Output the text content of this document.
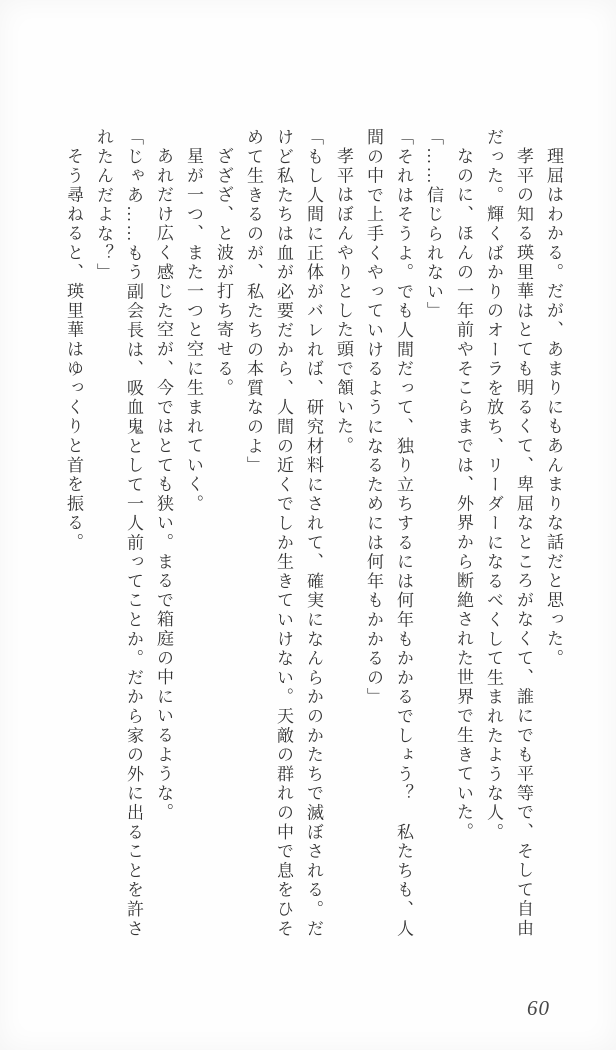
理屈はわかる。だが、あまりにもあんまりな話だと思った。

孝平の知る瑛里華はとても明るくて、卑屈なところがなくて、誰にでも平等で、そして自由だった。輝くばかりのオーラを放ち、リーダーになるべくして生まれたような人。

なのに、ほんの一年前やそこらまでは、外界から断絶された世界で生きていた。

「……信じられない」

「それはそうよ。でも人間だって、独り立ちするには何年もかかるでしょう？　私たちも、人間の中で上手くやっていけるようになるためには何年もかかるの」

孝平はぼんやりとした頭で頷いた。

「もし人間に正体がバレれば、研究材料にされて、確実になんらかのかたちで滅ぼされる。だけど私たちは血が必要だから、人間の近くでしか生きていけない。天敵の群れの中で息をひそめて生きるのが、私たちの本質なのよ」

ざざざ、と波が打ち寄せる。

星が一つ、また一つと空に生まれていく。

あれだけ広く感じた空が、今ではとても狭い。まるで箱庭の中にいるような。

「じゃあ……もう副会長は、吸血鬼として一人前ってことか。だから家の外に出ることを許されたんだよな？」

そう尋ねると、瑛里華はゆっくりと首を振る。

60
